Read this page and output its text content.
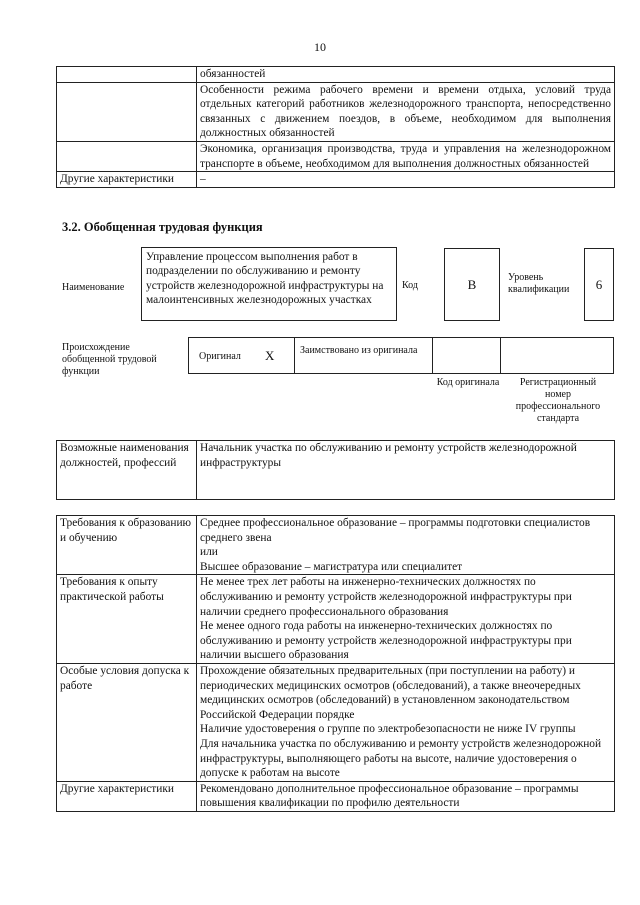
10
	обязанностей
	Особенности режима рабочего времени и времени отдыха, условий труда отдельных категорий работников железнодорожного транспорта, непосредственно связанных с движением поездов, в объеме, необходимом для выполнения должностных обязанностей
	Экономика, организация производства, труда и управления на железнодорожном транспорте в объеме, необходимом для выполнения должностных обязанностей
Другие характеристики	–
3.2. Обобщенная трудовая функция
Наименование
Управление процессом выполнения работ в подразделении по обслуживанию и ремонту устройств железнодорожной инфраструктуры на малоинтенсивных железнодорожных участках
Код	B	Уровень квалификации	6
Происхождение обобщенной трудовой функции
Оригинал X	Заимствовано из оригинала
Код оригинала	Регистрационный номер профессионального стандарта
Возможные наименования должностей, профессий	Начальник участка по обслуживанию и ремонту устройств железнодорожной инфраструктуры
Требования к образованию и обучению	Среднее профессиональное образование – программы подготовки специалистов среднего звена
или
Высшее образование – магистратура или специалитет

Требования к опыту практической работы	Не менее трех лет работы на инженерно-технических должностях по обслуживанию и ремонту устройств железнодорожной инфраструктуры при наличии среднего профессионального образования
Не менее одного года работы на инженерно-технических должностях по обслуживанию и ремонту устройств железнодорожной инфраструктуры при наличии высшего образования

Особые условия допуска к работе	Прохождение обязательных предварительных (при поступлении на работу) и периодических медицинских осмотров (обследований), а также внеочередных медицинских осмотров (обследований) в установленном законодательством Российской Федерации порядке
Наличие удостоверения о группе по электробезопасности не ниже IV группы
Для начальника участка по обслуживанию и ремонту устройств железнодорожной инфраструктуры, выполняющего работы на высоте, наличие удостоверения о допуске к работам на высоте

Другие характеристики	Рекомендовано дополнительное профессиональное образование – программы повышения квалификации по профилю деятельности
